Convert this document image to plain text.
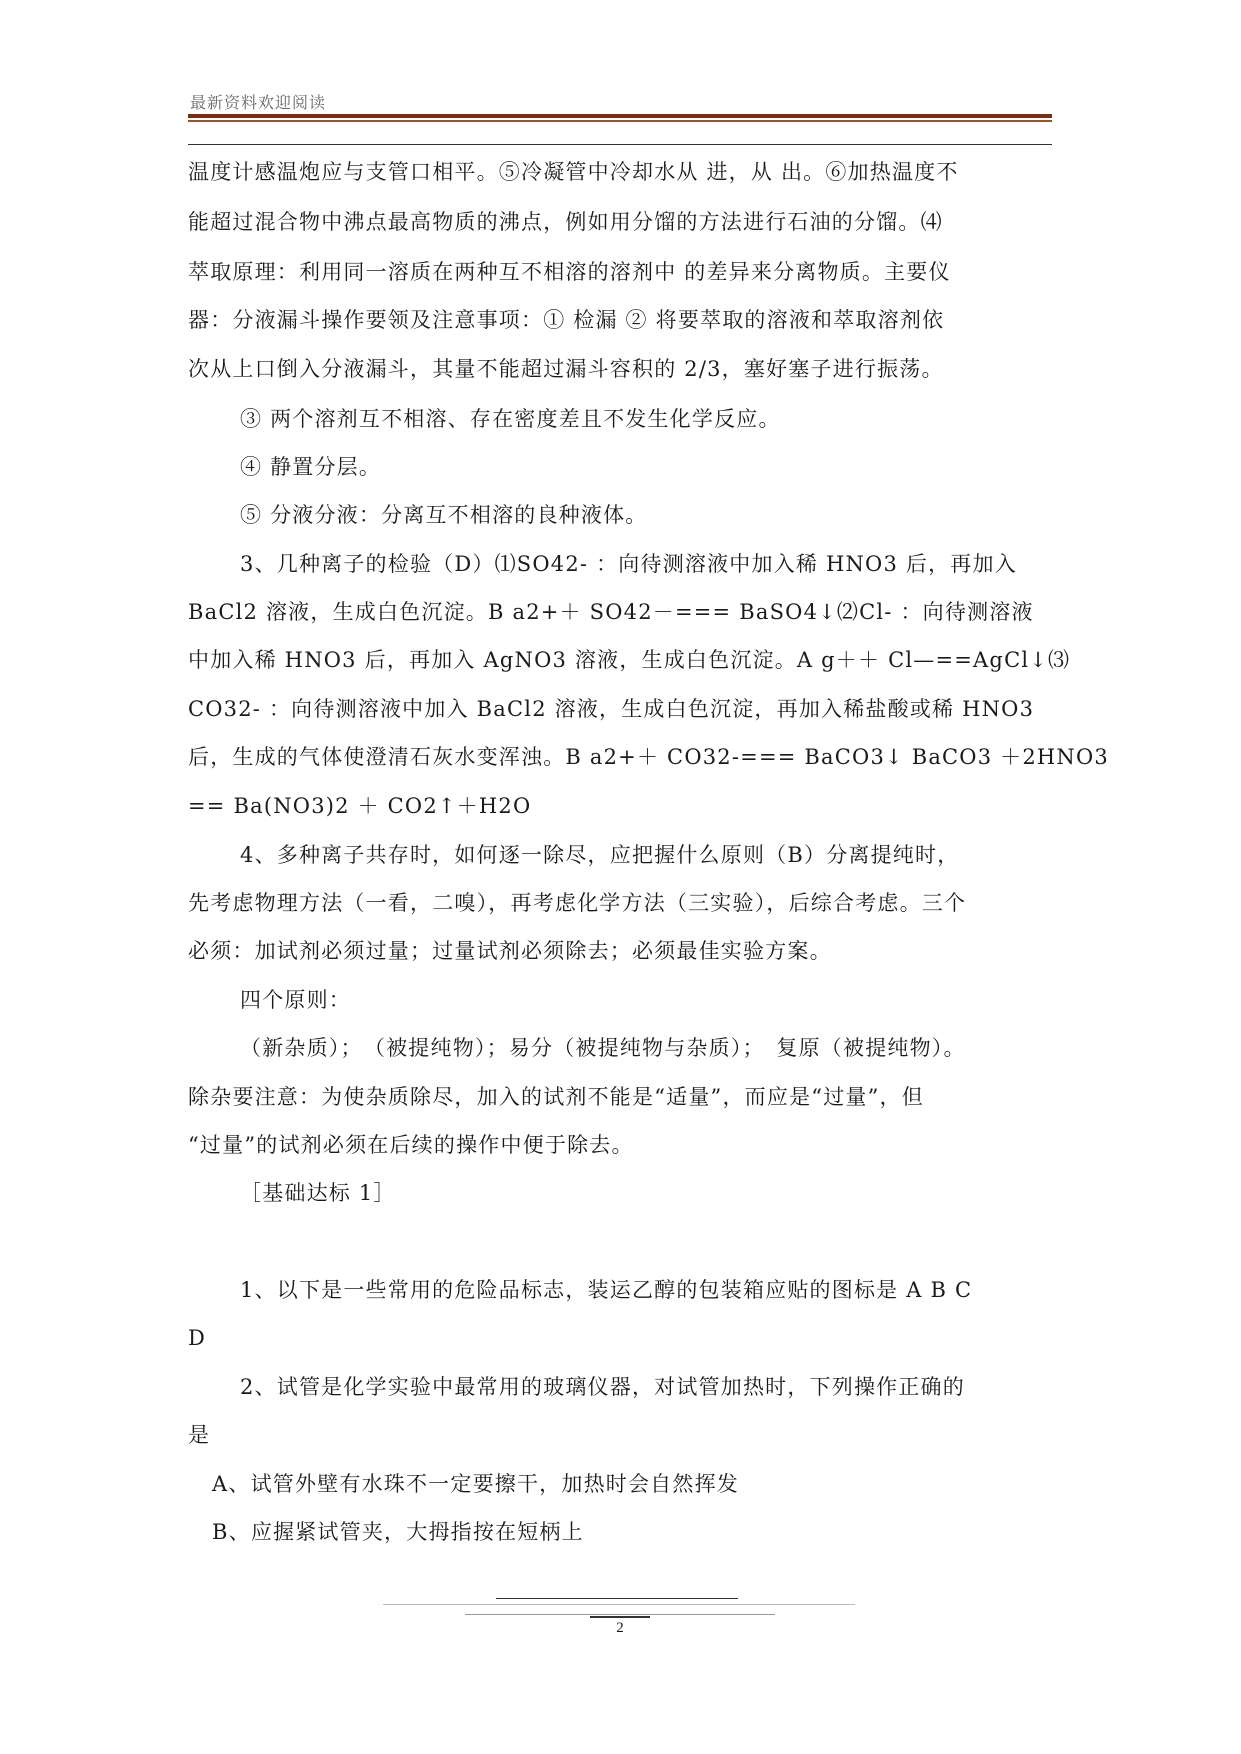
最新资料欢迎阅读
温度计感温炮应与支管口相平。⑤冷凝管中冷却水从 进，从 出。⑥加热温度不
能超过混合物中沸点最高物质的沸点，例如用分馏的方法进行石油的分馏。⑷
萃取原理：利用同一溶质在两种互不相溶的溶剂中 的差异来分离物质。主要仪
器：分液漏斗操作要领及注意事项：① 检漏 ② 将要萃取的溶液和萃取溶剂依
次从上口倒入分液漏斗，其量不能超过漏斗容积的 2/3，塞好塞子进行振荡。
③ 两个溶剂互不相溶、存在密度差且不发生化学反应。
④ 静置分层。
⑤ 分液分液：分离互不相溶的良种液体。
3、几种离子的检验（D）⑴SO42- ：向待测溶液中加入稀 HNO3 后，再加入
BaCl2 溶液，生成白色沉淀。B a2+＋ SO42－=== BaSO4↓⑵Cl- ：向待测溶液
中加入稀 HNO3 后，再加入 AgNO3 溶液，生成白色沉淀。A g＋＋ Cl—==AgCl↓⑶
CO32- ：向待测溶液中加入 BaCl2 溶液，生成白色沉淀，再加入稀盐酸或稀 HNO3
后，生成的气体使澄清石灰水变浑浊。B a2+＋ CO32-=== BaCO3↓ BaCO3 ＋2HNO3
== Ba(NO3)2 ＋ CO2↑＋H2O
4、多种离子共存时，如何逐一除尽，应把握什么原则（B）分离提纯时，
先考虑物理方法（一看，二嗅），再考虑化学方法（三实验），后综合考虑。三个
必须：加试剂必须过量；过量试剂必须除去；必须最佳实验方案。
四个原则：
（新杂质）；　（被提纯物）；易分（被提纯物与杂质）；　复原（被提纯物）。
除杂要注意：为使杂质除尽，加入的试剂不能是“适量”，而应是“过量”，但
“过量”的试剂必须在后续的操作中便于除去。
［基础达标 1］
1、以下是一些常用的危险品标志，装运乙醇的包装箱应贴的图标是 A B C
D
2、试管是化学实验中最常用的玻璃仪器，对试管加热时，下列操作正确的
是
A、试管外壁有水珠不一定要擦干，加热时会自然挥发
B、应握紧试管夹，大拇指按在短柄上
2
